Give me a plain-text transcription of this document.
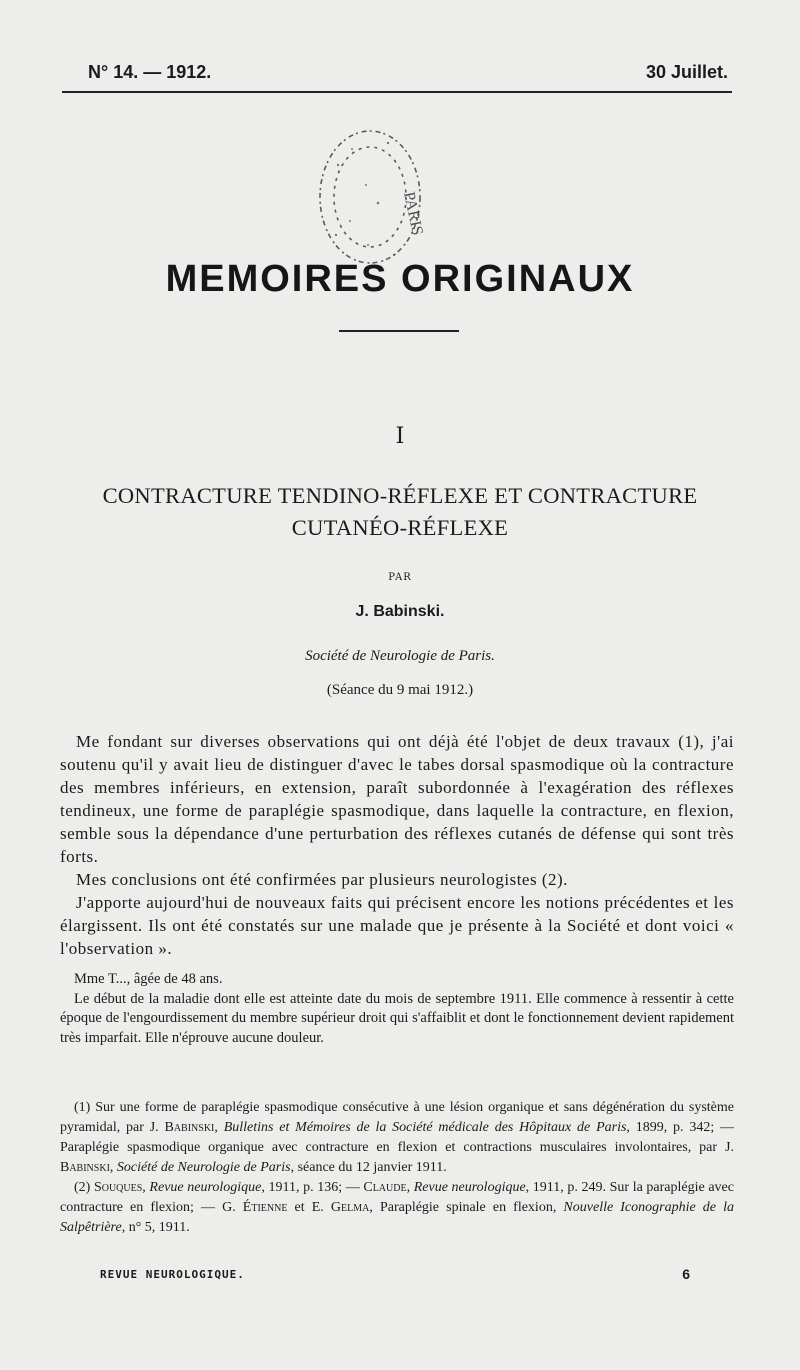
N° 14. — 1912.	30 Juillet.
PARIS
MEMOIRES ORIGINAUX
I
CONTRACTURE TENDINO-RÉFLEXE ET CONTRACTURE
CUTANÉO-RÉFLEXE
PAR
J. Babinski.
Société de Neurologie de Paris.
(Séance du 9 mai 1912.)

Me fondant sur diverses observations qui ont déjà été l'objet de deux travaux (1), j'ai soutenu qu'il y avait lieu de distinguer d'avec le tabes dorsal spasmodique où la contracture des membres inférieurs, en extension, paraît subordonnée à l'exagération des réflexes tendineux, une forme de paraplégie spasmodique, dans laquelle la contracture, en flexion, semble sous la dépendance d'une perturbation des réflexes cutanés de défense qui sont très forts.

Mes conclusions ont été confirmées par plusieurs neurologistes (2).

J'apporte aujourd'hui de nouveaux faits qui précisent encore les notions précédentes et les élargissent. Ils ont été constatés sur une malade que je présente à la Société et dont voici « l'observation ».

Mme T..., âgée de 48 ans.

Le début de la maladie dont elle est atteinte date du mois de septembre 1911. Elle commence à ressentir à cette époque de l'engourdissement du membre supérieur droit qui s'affaiblit et dont le fonctionnement devient rapidement très imparfait. Elle n'éprouve aucune douleur.

(1) Sur une forme de paraplégie spasmodique consécutive à une lésion organique et sans dégénération du système pyramidal, par J. Babinski, Bulletins et Mémoires de la Société médicale des Hôpitaux de Paris, 1899, p. 342; — Paraplégie spasmodique organique avec contracture en flexion et contractions musculaires involontaires, par J. Babinski, Société de Neurologie de Paris, séance du 12 janvier 1911.

(2) Souques, Revue neurologique, 1911, p. 136; — Claude, Revue neurologique, 1911, p. 249. Sur la paraplégie avec contracture en flexion; — G. Étienne et E. Gelma, Paraplégie spinale en flexion, Nouvelle Iconographie de la Salpêtrière, n° 5, 1911.

REVUE NEUROLOGIQUE.	6
